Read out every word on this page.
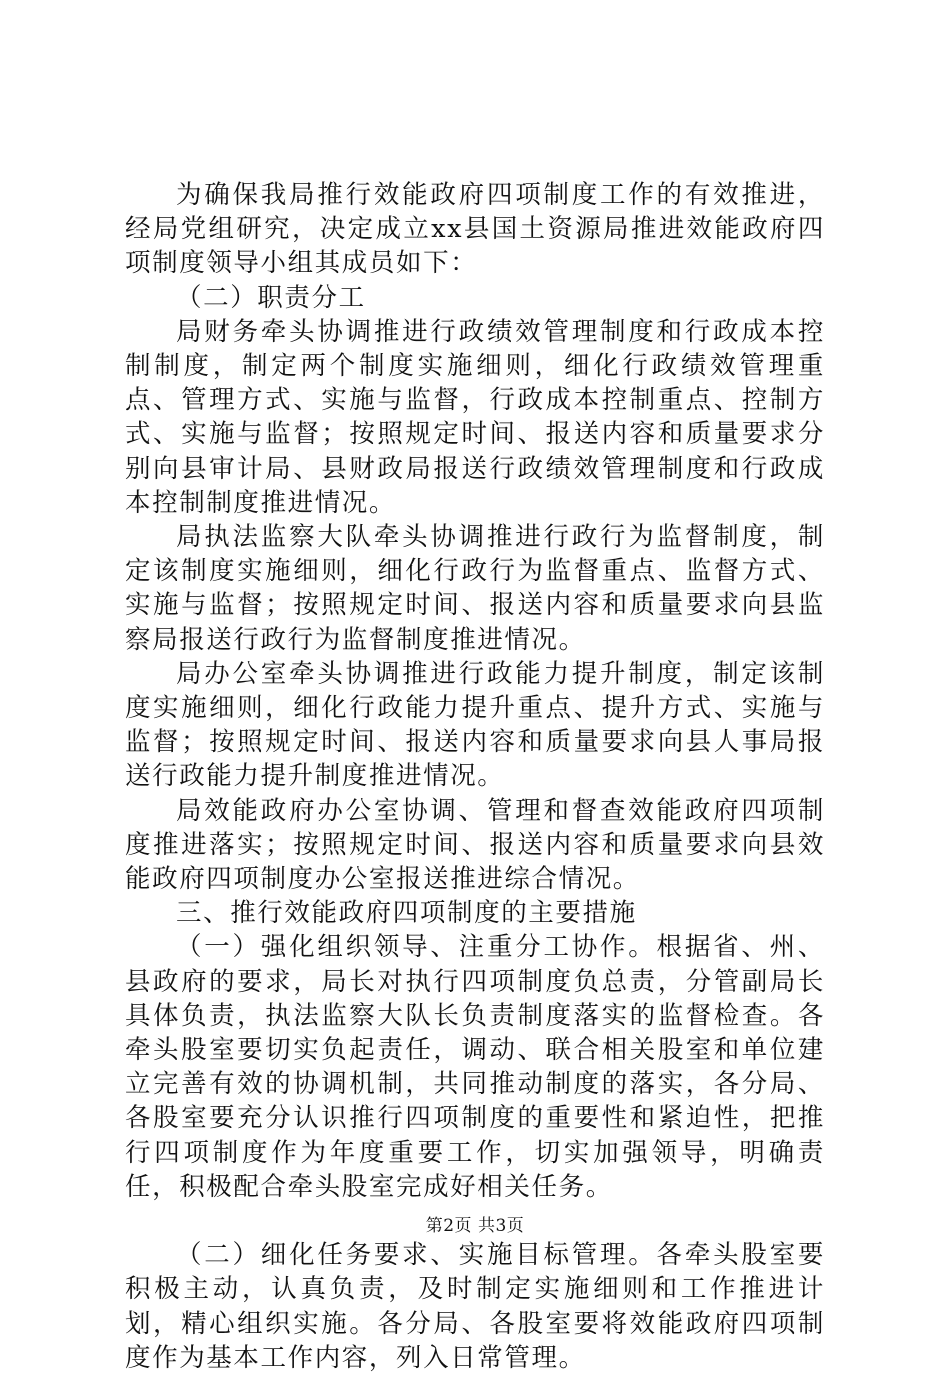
为确保我局推行效能政府四项制度工作的有效推进，经局党组研究，决定成立xx县国土资源局推进效能政府四项制度领导小组其成员如下：

（二）职责分工

局财务牵头协调推进行政绩效管理制度和行政成本控制制度，制定两个制度实施细则，细化行政绩效管理重点、管理方式、实施与监督，行政成本控制重点、控制方式、实施与监督；按照规定时间、报送内容和质量要求分别向县审计局、县财政局报送行政绩效管理制度和行政成本控制制度推进情况。

局执法监察大队牵头协调推进行政行为监督制度，制定该制度实施细则，细化行政行为监督重点、监督方式、实施与监督；按照规定时间、报送内容和质量要求向县监察局报送行政行为监督制度推进情况。

局办公室牵头协调推进行政能力提升制度，制定该制度实施细则，细化行政能力提升重点、提升方式、实施与监督；按照规定时间、报送内容和质量要求向县人事局报送行政能力提升制度推进情况。

局效能政府办公室协调、管理和督查效能政府四项制度推进落实；按照规定时间、报送内容和质量要求向县效能政府四项制度办公室报送推进综合情况。

三、推行效能政府四项制度的主要措施

（一）强化组织领导、注重分工协作。根据省、州、县政府的要求，局长对执行四项制度负总责，分管副局长具体负责，执法监察大队长负责制度落实的监督检查。各牵头股室要切实负起责任，调动、联合相关股室和单位建立完善有效的协调机制，共同推动制度的落实，各分局、各股室要充分认识推行四项制度的重要性和紧迫性，把推行四项制度作为年度重要工作，切实加强领导，明确责任，积极配合牵头股室完成好相关任务。

（二）细化任务要求、实施目标管理。各牵头股室要积极主动，认真负责，及时制定实施细则和工作推进计划，精心组织实施。各分局、各股室要将效能政府四项制度作为基本工作内容，列入日常管理。

第2页 共3页
